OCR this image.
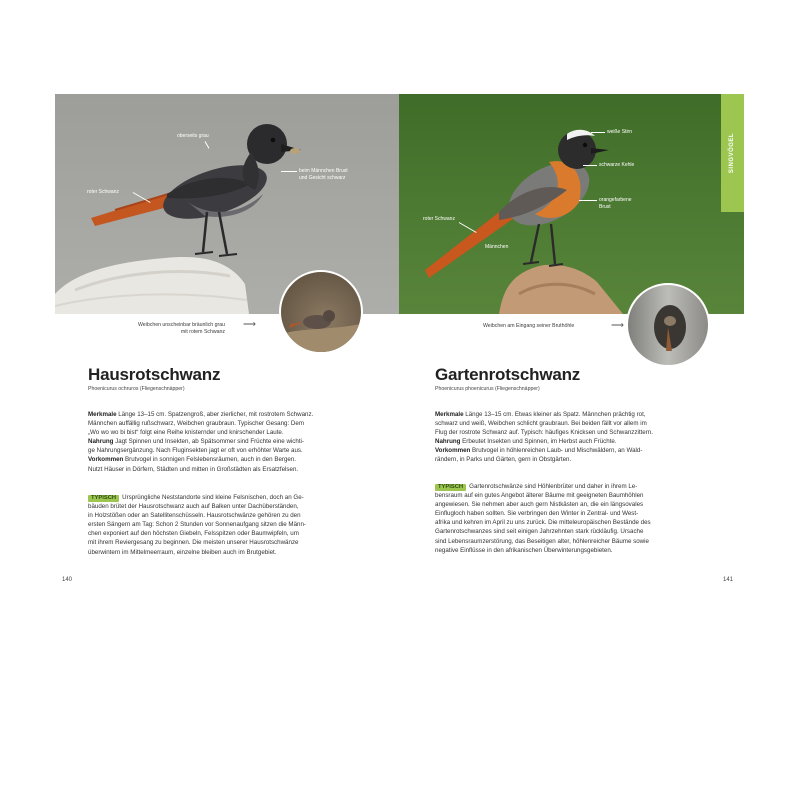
oberseits grau
beim Männchen Brust
und Gesicht schwarz
roter Schwanz
Weibchen unscheinbar bräunlich grau
mit rotem Schwanz
⟶
weiße Stirn
schwarze Kehle
orangefarbene
Brust
roter Schwanz
Männchen
SINGVÖGEL
Weibchen am Eingang seiner Bruthöhle	⟶
Hausrotschwanz
Phoenicurus ochruros (Fliegenschnäpper)
Merkmale Länge 13–15 cm. Spatzengroß, aber zierlicher, mit rostrotem Schwanz.
Männchen auffällig rußschwarz, Weibchen graubraun. Typischer Gesang: Dem
„Wo wo wo bi bist“ folgt eine Reihe knisternder und knirschender Laute.
Nahrung Jagt Spinnen und Insekten, ab Spätsommer sind Früchte eine wichti-
ge Nahrungsergänzung. Nach Fluginsekten jagt er oft von erhöhter Warte aus.
Vorkommen Brutvogel in sonnigen Felslebensräumen, auch in den Bergen.
Nutzt Häuser in Dörfern, Städten und mitten in Großstädten als Ersatzfelsen.
TYPISCH Ursprüngliche Neststandorte sind kleine Felsnischen, doch an Ge-
bäuden brütet der Hausrotschwanz auch auf Balken unter Dachüberständen,
in Holzstößen oder an Satellitenschüsseln. Hausrotschwänze gehören zu den
ersten Sängern am Tag: Schon 2 Stunden vor Sonnenaufgang sitzen die Männ-
chen exponiert auf den höchsten Giebeln, Felsspitzen oder Baumwipfeln, um
mit ihrem Reviergesang zu beginnen. Die meisten unserer Hausrotschwänze
überwintern im Mittelmeerraum, einzelne bleiben auch im Brutgebiet.
140
Gartenrotschwanz
Phoenicurus phoenicurus (Fliegenschnäpper)
Merkmale Länge 13–15 cm. Etwas kleiner als Spatz. Männchen prächtig rot,
schwarz und weiß, Weibchen schlicht graubraun. Bei beiden fällt vor allem im
Flug der rostrote Schwanz auf. Typisch: häufiges Knicksen und Schwanzzittern.
Nahrung Erbeutet Insekten und Spinnen, im Herbst auch Früchte.
Vorkommen Brutvogel in höhlenreichen Laub- und Mischwäldern, an Wald-
rändern, in Parks und Gärten, gern in Obstgärten.
TYPISCH Gartenrotschwänze sind Höhlenbrüter und daher in ihrem Le-
bensraum auf ein gutes Angebot älterer Bäume mit geeigneten Baumhöhlen
angewiesen. Sie nehmen aber auch gern Nistkästen an, die ein längsovales
Einflugloch haben sollten. Sie verbringen den Winter in Zentral- und West-
afrika und kehren im April zu uns zurück. Die mitteleuropäischen Bestände des
Gartenrotschwanzes sind seit einigen Jahrzehnten stark rückläufig. Ursache
sind Lebensraumzerstörung, das Beseitigen alter, höhlenreicher Bäume sowie
negative Einflüsse in den afrikanischen Überwinterungsgebieten.
141
